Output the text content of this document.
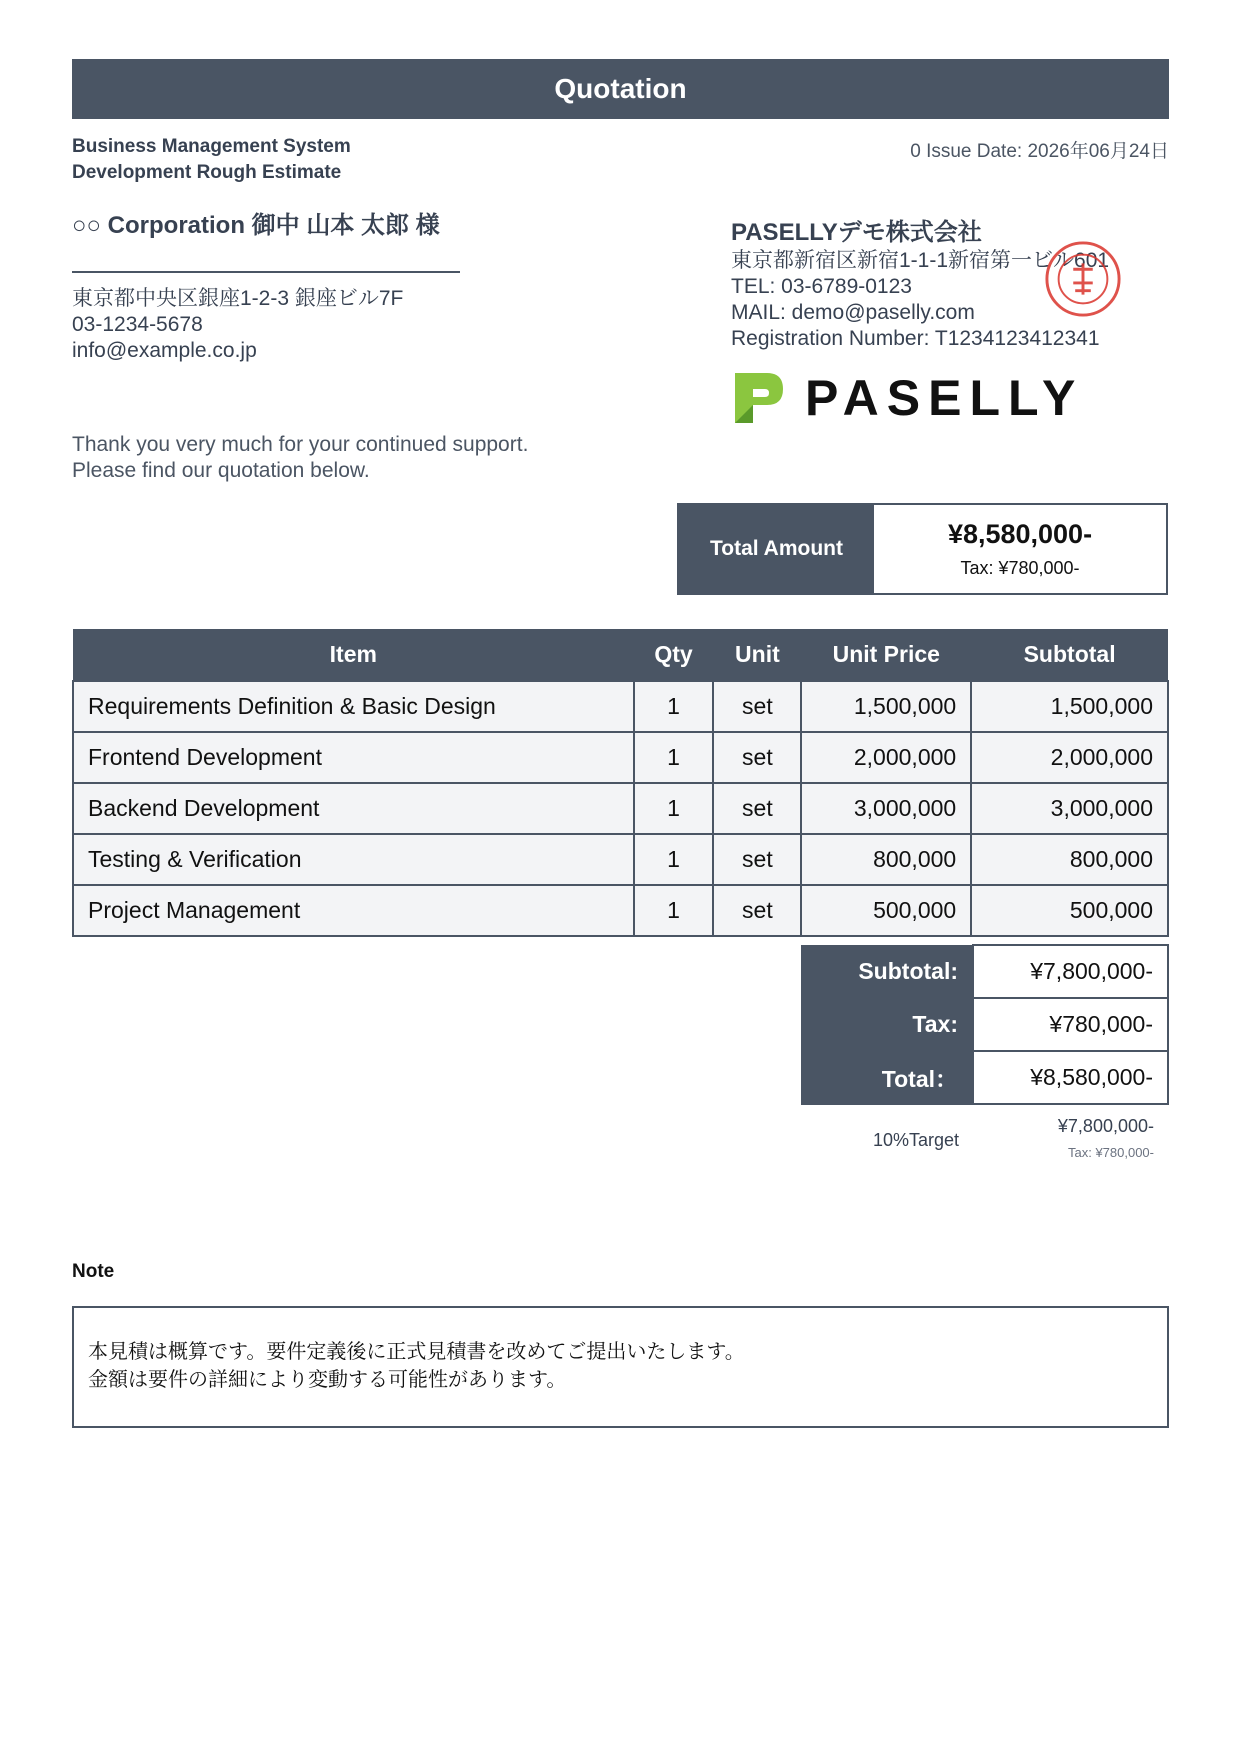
Quotation
Business Management System
Development Rough Estimate
0 Issue Date: 2026年06月24日
○○ Corporation 御中 山本 太郎 様
東京都中央区銀座1-2-3 銀座ビル7F
03-1234-5678
info@example.co.jp
Thank you very much for your continued support.
Please find our quotation below.
PASELLYデモ株式会社
東京都新宿区新宿1-1-1新宿第一ビル601
TEL: 03-6789-0123
MAIL: demo@paselly.com
Registration Number: T1234123412341
PASELLY
Total Amount	¥8,580,000-
Tax: ¥780,000-
Item	Qty	Unit	Unit Price	Subtotal
Requirements Definition & Basic Design	1	set	1,500,000	1,500,000
Frontend Development	1	set	2,000,000	2,000,000
Backend Development	1	set	3,000,000	3,000,000
Testing & Verification	1	set	800,000	800,000
Project Management	1	set	500,000	500,000
Subtotal:	¥7,800,000-
Tax:	¥780,000-
Total：	¥8,580,000-
10%Target
¥7,800,000-
Tax: ¥780,000-
Note
本見積は概算です。要件定義後に正式見積書を改めてご提出いたします。
金額は要件の詳細により変動する可能性があります。
